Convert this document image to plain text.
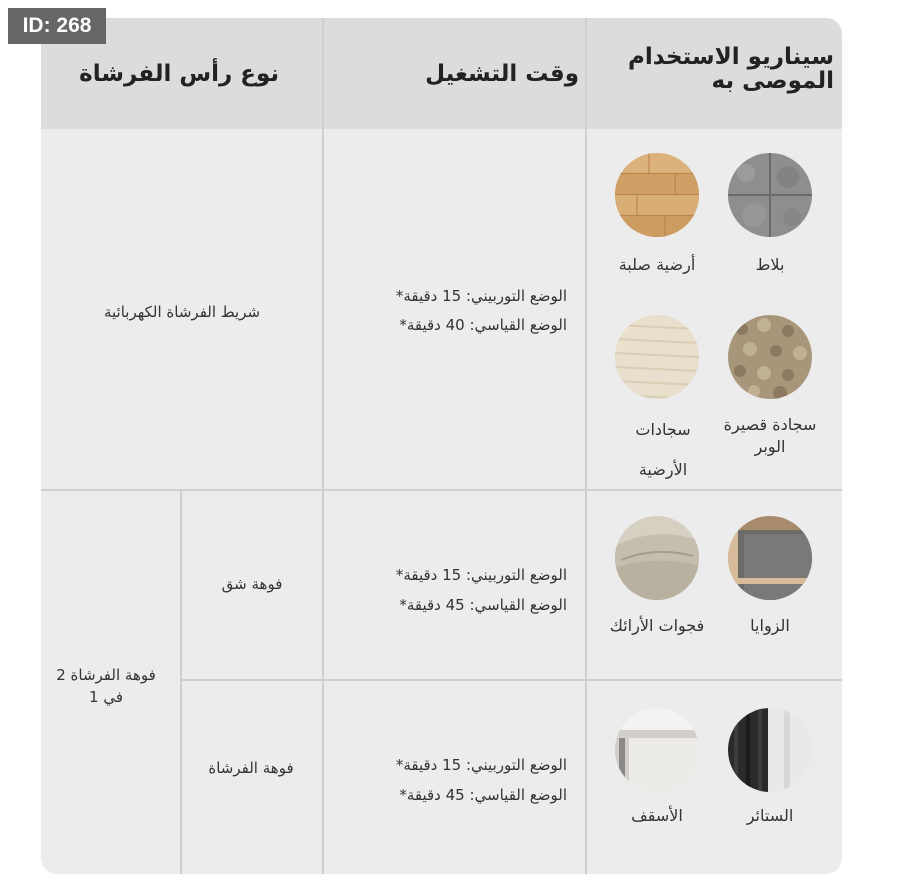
ID: 268
سيناريو الاستخدام الموصى به
وقت التشغيل
نوع رأس الفرشاة
بلاط
أرضية صلبة
سجادة قصيرة الوبر
سجادات الأرضية
الوضع التوربيني: 15 دقيقة*
الوضع القياسي: 40 دقيقة*
شريط الفرشاة الكهربائية
الزوايا
فجوات الأرائك
الوضع التوربيني: 15 دقيقة*
الوضع القياسي: 45 دقيقة*
فوهة شق
الستائر
الأسقف
الوضع التوربيني: 15 دقيقة*
الوضع القياسي: 45 دقيقة*
فوهة الفرشاة
فوهة الفرشاة 2 في 1
